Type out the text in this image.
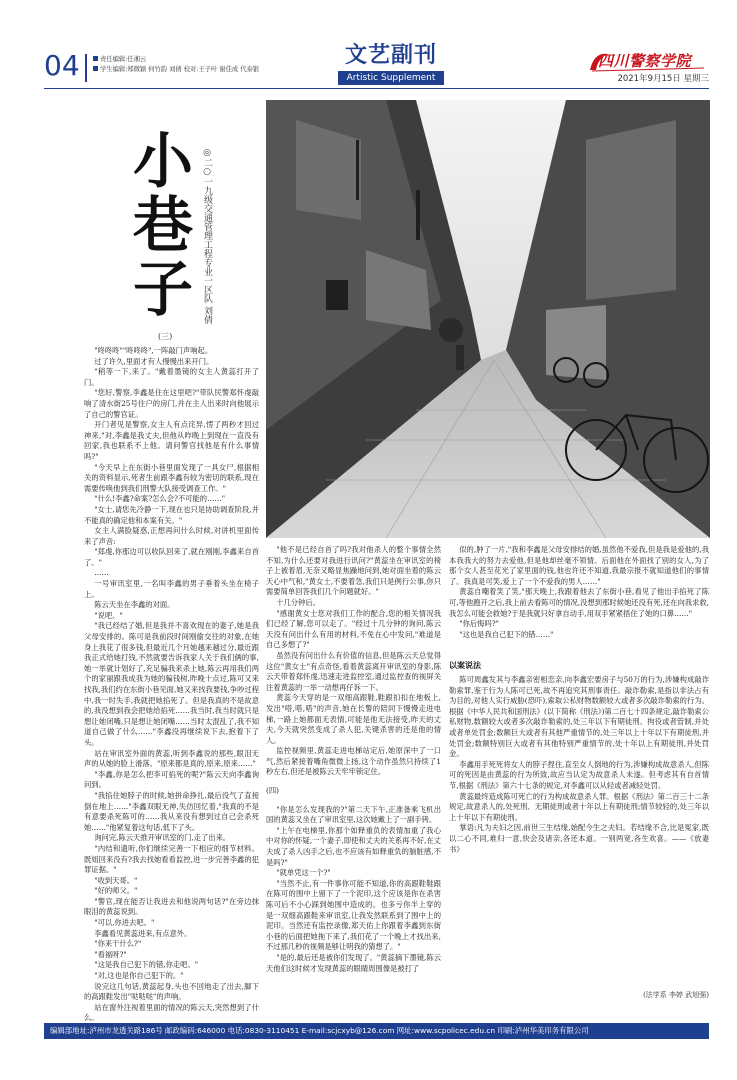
04	责任编辑:任湘云
学生编辑:郑微颖 何竹韵 刘倩 校对:王子叶 谢佳成 代泰银
文艺副刊
Artistic Supplement
四川警察学院
2021年9月15日 星期三
小巷子	◎二○一九级交通管理工程专业一区队 刘倩
(三)

"咚咚咚""咚咚咚",一阵敲门声响起。

过了许久,里面才有人慢慢出来开门。

"稍等一下,来了。"戴着墨镜的女主人黄蕊打开了门。

"您好,警察,李鑫是住在这里吧?"带队民警郑怀虔敲响了清水街25号住户的房门,并在主人出来时向他展示了自己的警官证。

开门者见是警察,女主人有点诧异,愣了两秒才回过神来,"对,李鑫是我丈夫,但他从昨晚上到现在一直没有回家,我也联系不上他。请问警官找他是有什么事情吗?"

"今天早上在东街小巷里面发现了一具女尸,根据相关的资料显示,死者生前跟李鑫有较为密切的联系,现在需要传唤他到我们刑警大队接受调查工作。"

"什么!李鑫?命案?怎么会?不可能的……"

"女士,请您先冷静一下,现在也只是协助调查阶段,并不能真的确定他和本案有关。"

女主人满脸疑惑,正想再问什么时候,对讲机里面传来了声音:

"郑虔,你那边可以收队回来了,就在刚刚,李鑫来自首了。"

……

一号审讯室里,一名叫李鑫的男子垂着头坐在椅子上。

陈云天坐在李鑫的对面。

"说吧。"

"我已经结了婚,但是我并不喜欢现在的妻子,她是我父母安排的。陈可是我前段时间刚偷交往的对象,在她身上我花了很多钱,但最近几个月她越来越过分,最近跟我正式给她打钱,不然就要告诉我家人关于我们俩的事,她一举就计划好了,充足骗我来杀上她,陈云再用我们两个的家丽跟我成我为她的骗钱树,昨晚十点过,陈可又来找我,我们约在东街小巷见面,她又来找我要钱,争吵过程中,我一时失手,我就把她掐死了。但是我真的不是故意的,我没想到我会把她给掐死……我当时,我当时就只是想让她闭嘴,只是想让她闭嘴……当时太混乱了,我不知道自己做了什么……"李鑫没再继续说下去,抱着下了头。

站在审讯室外面的黄蕊,听到李鑫说的那些,眼泪无声的从她的脸上滑落。"原来都是真的,原来,原来……"

"李鑫,你是怎么把李可掐死的呢?"陈云天向李鑫询问到。

"我掐住她脖子的时候,她拼命挣扎,最后没气了直接倒在地上……"李鑫双眼无神,失仿回忆着,"我真的不是有意要杀死陈可的……我从来没有想到过自己会杀死她……"他紧复着这句话,低下了头。

询问完,陈云天推开审讯室的门,走了出来。

"内结和遗听,你们继续完善一下相应的细节材料。既姐回来没有?我去找她看看监控,进一步完善李鑫的犯罪证据。"

"收到天哥。"

"好的师父。"

"警官,现在能否让我进去和他说两句话?"在旁边抹眼泪的黄蕊说到。

"可以,你进去吧。"

李鑫看见黄蕊进来,有点意外。

"你来干什么?"

"看福呀?"

"这是我自己犯下的错,你走吧。"

"对,这也是你自己犯下的。"

说完这几句话,黄蕊起身,头也不回地走了出去,脚下的高跟鞋发出"哒哒哒"的声响。

站在窗外注视着里面的情况的陈云天,突然想到了什么。

"他不是已经自首了吗?我对他杀人的整个事情全然不知,为什么还要对我进行讯问?"黄蕊坐在审讯室的椅子上被着眉,无奈又略显焦躁地问到,她对面坐着的陈云天心中气和,"黄女士,不要着急,我们只是例行公事,你只需要简单回答我们几个问题就好。"

十几分钟后。

"感谢黄女士您对我们工作的配合,您的相关情况我们已经了解,您可以走了。"经过十几分钟的询问,陈云天没有问出什么有用的材料,不免在心中发问,"难道是自己多想了?"

虽然没有问出什么有价值的信息,但是陈云天总觉得这位"黄女士"有点奇怪,看着黄蕊离开审讯室的身影,陈云天带着郑怀虔,迅速走进监控室,通过监控查的视屏关注着黄蕊的一举一动想再仔诉一下。

黄蕊今天穿的是一双细高跟鞋,鞋跟扣扣在地板上,发出"嗒,嗒,嗒"的声音,她在长警的陪同下慢慢走进电梯,一路上她都面无表情,可能是他无法接受,昨天的丈夫,今天就突然变成了杀人犯,关键杀害的还是他的情人。

监控视频里,黄蕊走进电梯站定后,她原深中了一口气,然后紧接着嘴角微微上扬,这个动作虽然只持续了1秒左右,但还是被陈云天牢牢锁定住。

(四)

"你是怎么发现我的?"第二天下午,正准备乘飞机出国的黄蕊又坐在了审讯室里,这次她戴上了一副手铐。

"上午在电梯里,你那个如释重负的表情加重了我心中对你的怀疑,一个妻子,即使和丈夫的关系再不好,在丈夫成了杀人凶手之后,也不应该有如释重负的脑脏感,不是吗?"

"就单凭这一个?"

"当然不止,有一件事你可能不知道,你的高跟鞋鞋跟在陈可的围中上留下了一个泥印,这个应该是你在杀害陈可后不小心踩到她围中造成的。也多亏你半上穿的是一双细高跟鞋来审讯室,让我发然联系到了围中上的泥印。当然还有监控录像,郑天佑上你跟着李鑫到东街小巷的后面把她拖下来了,我们花了一个晚上才找出来,不过那几秒的视频是够让明我的猜想了。"

"是的,最后还是被你们发现了。"黄蕊摘下墨镜,陈云天他们这时候才发现黄蕊的眼睛周围像是被打了

似的,肿了一片,"我和李鑫是父母安排结的婚,虽然他不爱我,但是我是爱他的,我本我我大的努力去爱他,但是他却丝毫不领情。后面他在外面找了别的女人,为了那个女人甚至花光了家里面的钱,他也许还不知道,我最宗报不就知道他们的事情了。我真是可笑,爱上了一个不爱我的男人……"

黄蕊自嘲着笑了笑,"那天晚上,我跟着他去了东街小巷,看见了他出手掐死了陈可,等他跑开之后,我上前去看陈可的情况,没想到那时候她还没有死,还在向我求救,我怎么可能会救她?于是我就只好拿自动手,用双手紧紧捂住了她的口鼻……"

"你后悔吗?"

"这也是我自己犯下的错……"

以案说法

陈可周鑫发其与李鑫亲密相恋亲,向李鑫宏要房子与50万的行为,涉嫌构成敲诈勒索罪,鉴于行为人陈可已死,故不再追究其刑事责任。敲诈勒索,是指以非法占有为目的,对他人实行威胁(恐吓),索取公私财物数额较大或者多次敲诈勒索的行为。根据《中华人民共和国刑法》(以下简称《刑法》)第二百七十四条规定,敲诈勒索公私财物,数额较大或者多次敲诈勒索的,处三年以下有期徒刑、拘役或者管制,并处或者单处罚金;数额巨大或者有其他严重情节的,处三年以上十年以下有期徒刑,并处罚金;数额特别巨大或者有其他特别严重情节的,处十年以上有期徒刑,并处罚金。

李鑫用手死死将女人的脖子捏住,直至女人倒地的行为,涉嫌构成故意杀人,但陈可的死因是由黄蕊的行为所致,故应当认定为故意杀人未遂。但考虑其有自首情节,根据《刑法》第六十七条的规定,对李鑫可以从轻或者减轻处罚。

黄蕊最终造成陈可死亡的行为构成故意杀人罪。根据《刑法》第二百三十二条规定,故意杀人的,处死刑、无期徒刑或者十年以上有期徒刑;情节较轻的,处三年以上十年以下有期徒刑。

掌语:凡为夫妇之因,前世三生结缘,始配今生之夫妇。若结缘不合,比是冤家,既以二心不同,难归一意,快会及诸亲,各还本道。一别两宽,各生欢喜。——《放妻书》

(法学系 李婷 武旭强)
编辑部地址:泸州市龙透关路186号 邮政编码:646000 电话:0830-3110451 E-mail:scjcxyb@126.com 网址:www.scpolicec.edu.cn 印刷:泸州华美印务有限公司
